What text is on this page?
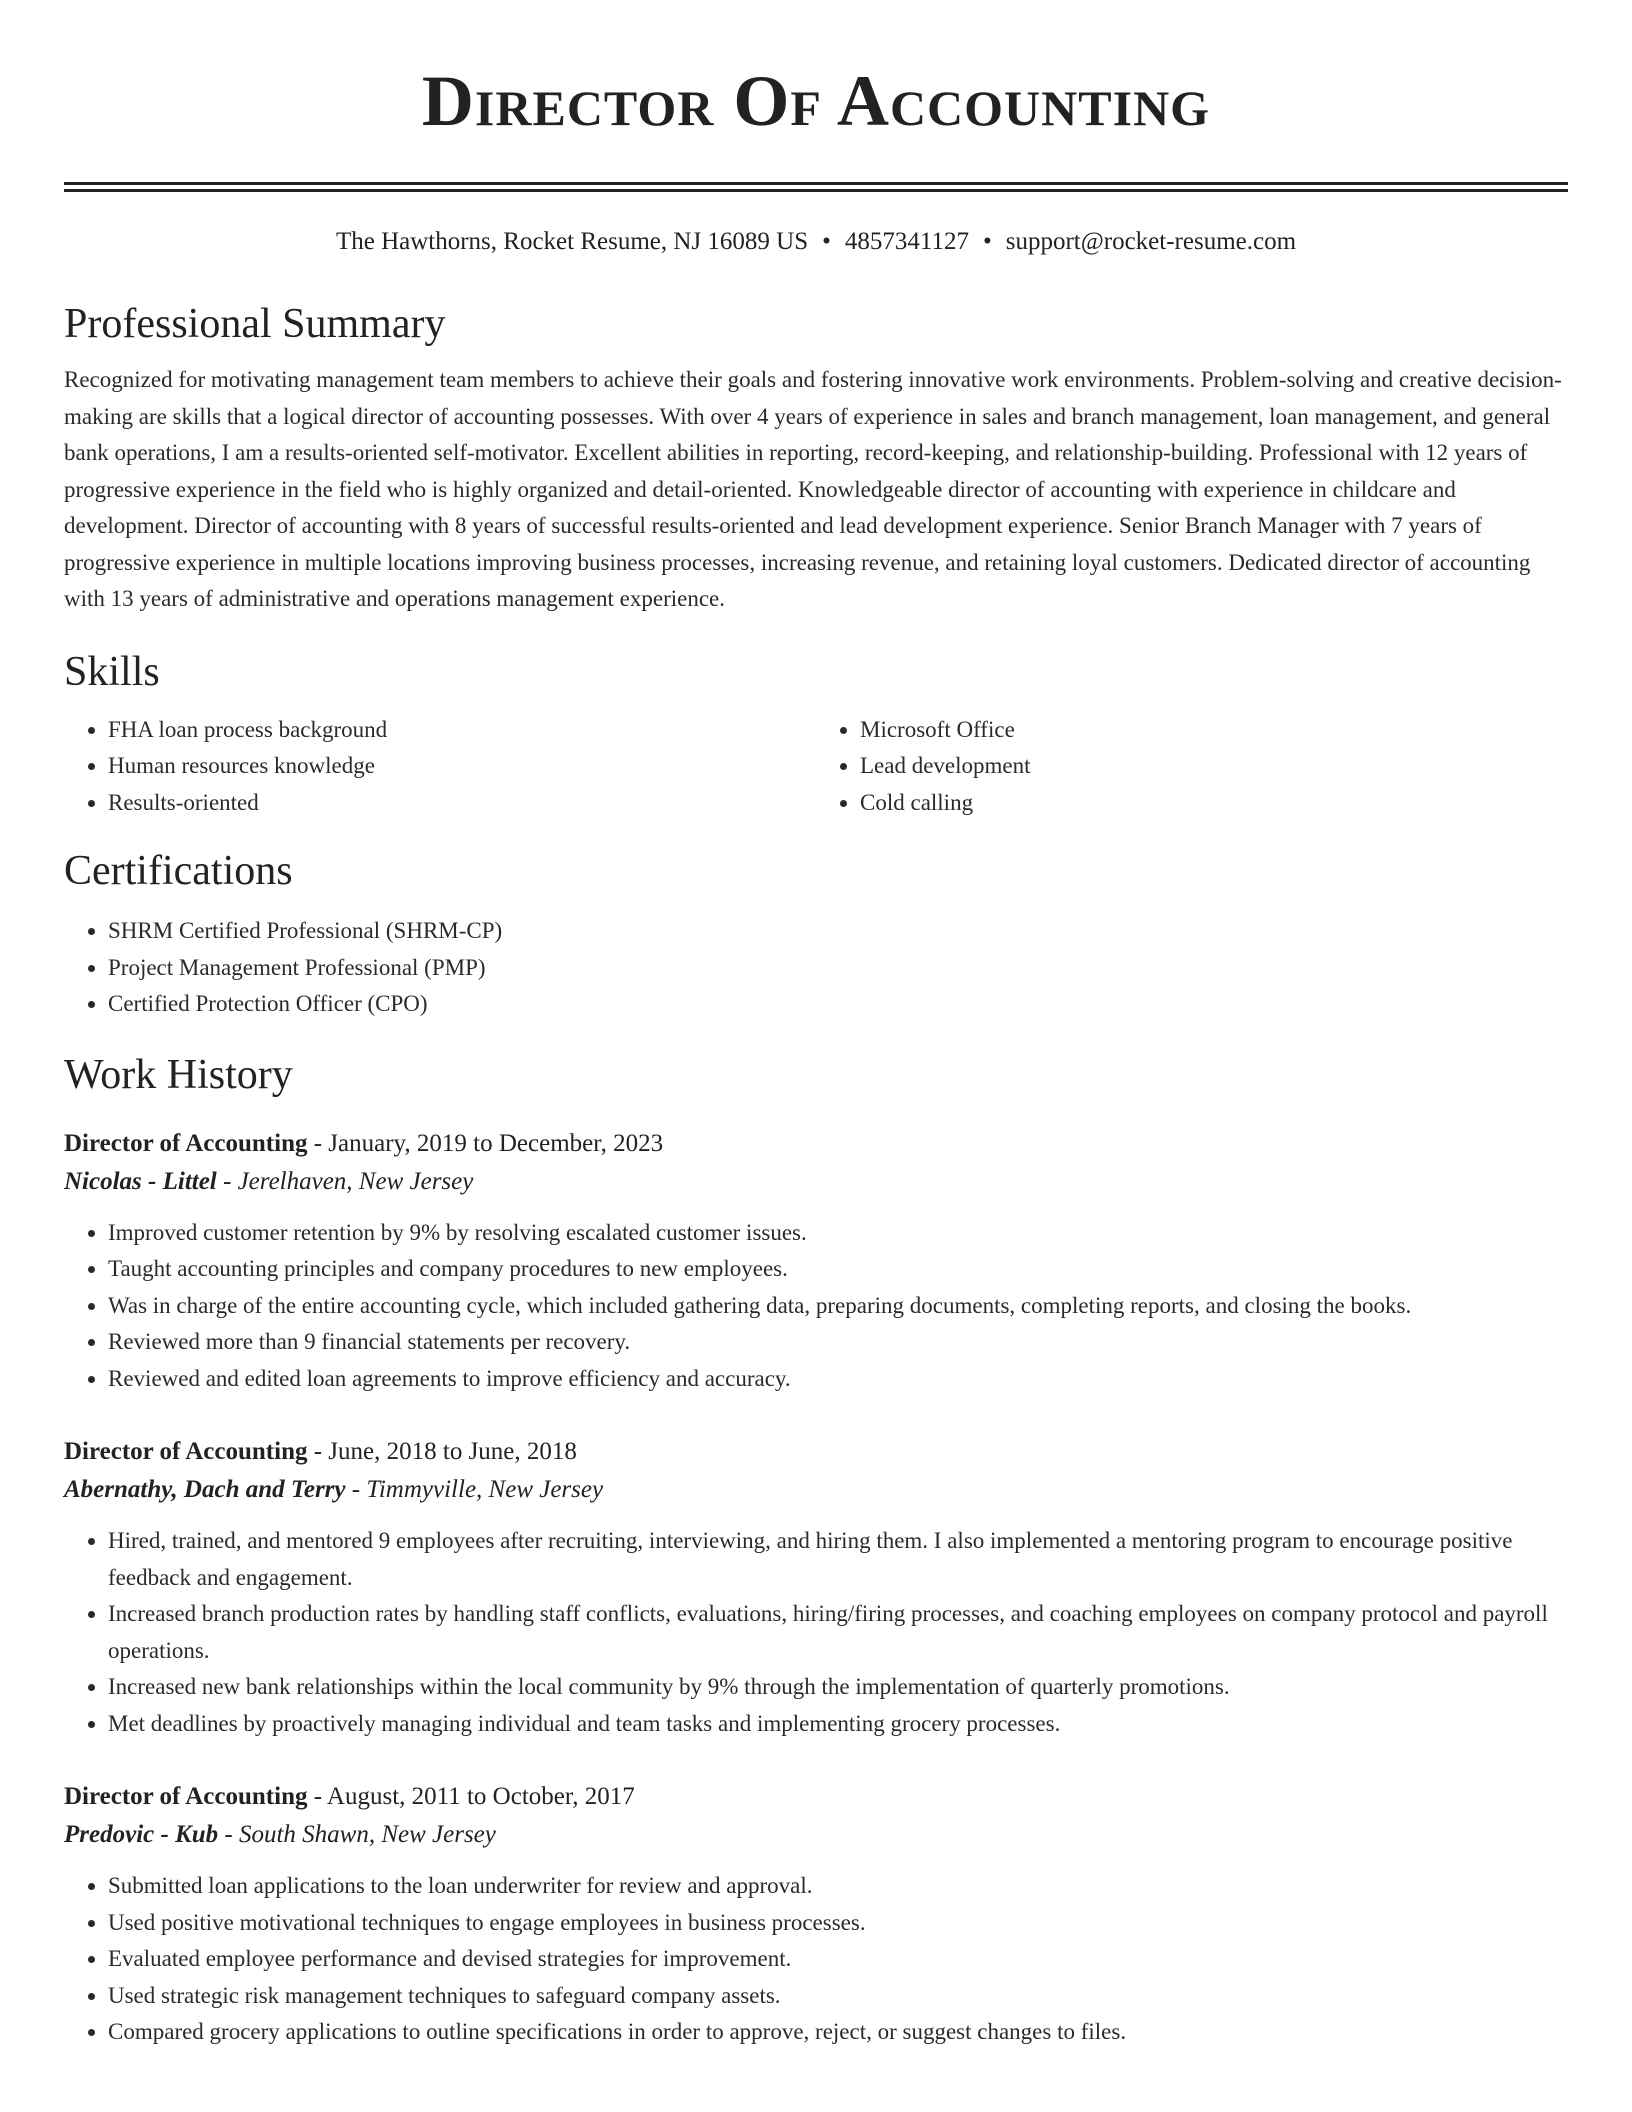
Director Of Accounting
The Hawthorns, Rocket Resume, NJ 16089 US • 4857341127 • support@rocket-resume.com
Professional Summary

Recognized for motivating management team members to achieve their goals and fostering innovative work environments. Problem-solving and creative decision-making are skills that a logical director of accounting possesses. With over 4 years of experience in sales and branch management, loan management, and general bank operations, I am a results-oriented self-motivator. Excellent abilities in reporting, record-keeping, and relationship-building. Professional with 12 years of progressive experience in the field who is highly organized and detail-oriented. Knowledgeable director of accounting with experience in childcare and development. Director of accounting with 8 years of successful results-oriented and lead development experience. Senior Branch Manager with 7 years of progressive experience in multiple locations improving business processes, increasing revenue, and retaining loyal customers. Dedicated director of accounting with 13 years of administrative and operations management experience.

Skills
• FHA loan process background
• Human resources knowledge
• Results-oriented
• Microsoft Office
• Lead development
• Cold calling
Certifications
• SHRM Certified Professional (SHRM-CP)
• Project Management Professional (PMP)
• Certified Protection Officer (CPO)
Work History
Director of Accounting - January, 2019 to December, 2023
Nicolas - Littel - Jerelhaven, New Jersey
• Improved customer retention by 9% by resolving escalated customer issues.
• Taught accounting principles and company procedures to new employees.
• Was in charge of the entire accounting cycle, which included gathering data, preparing documents, completing reports, and closing the books.
• Reviewed more than 9 financial statements per recovery.
• Reviewed and edited loan agreements to improve efficiency and accuracy.
Director of Accounting - June, 2018 to June, 2018
Abernathy, Dach and Terry - Timmyville, New Jersey
• Hired, trained, and mentored 9 employees after recruiting, interviewing, and hiring them. I also implemented a mentoring program to encourage positive feedback and engagement.
• Increased branch production rates by handling staff conflicts, evaluations, hiring/firing processes, and coaching employees on company protocol and payroll operations.
• Increased new bank relationships within the local community by 9% through the implementation of quarterly promotions.
• Met deadlines by proactively managing individual and team tasks and implementing grocery processes.
Director of Accounting - August, 2011 to October, 2017
Predovic - Kub - South Shawn, New Jersey
• Submitted loan applications to the loan underwriter for review and approval.
• Used positive motivational techniques to engage employees in business processes.
• Evaluated employee performance and devised strategies for improvement.
• Used strategic risk management techniques to safeguard company assets.
• Compared grocery applications to outline specifications in order to approve, reject, or suggest changes to files.
